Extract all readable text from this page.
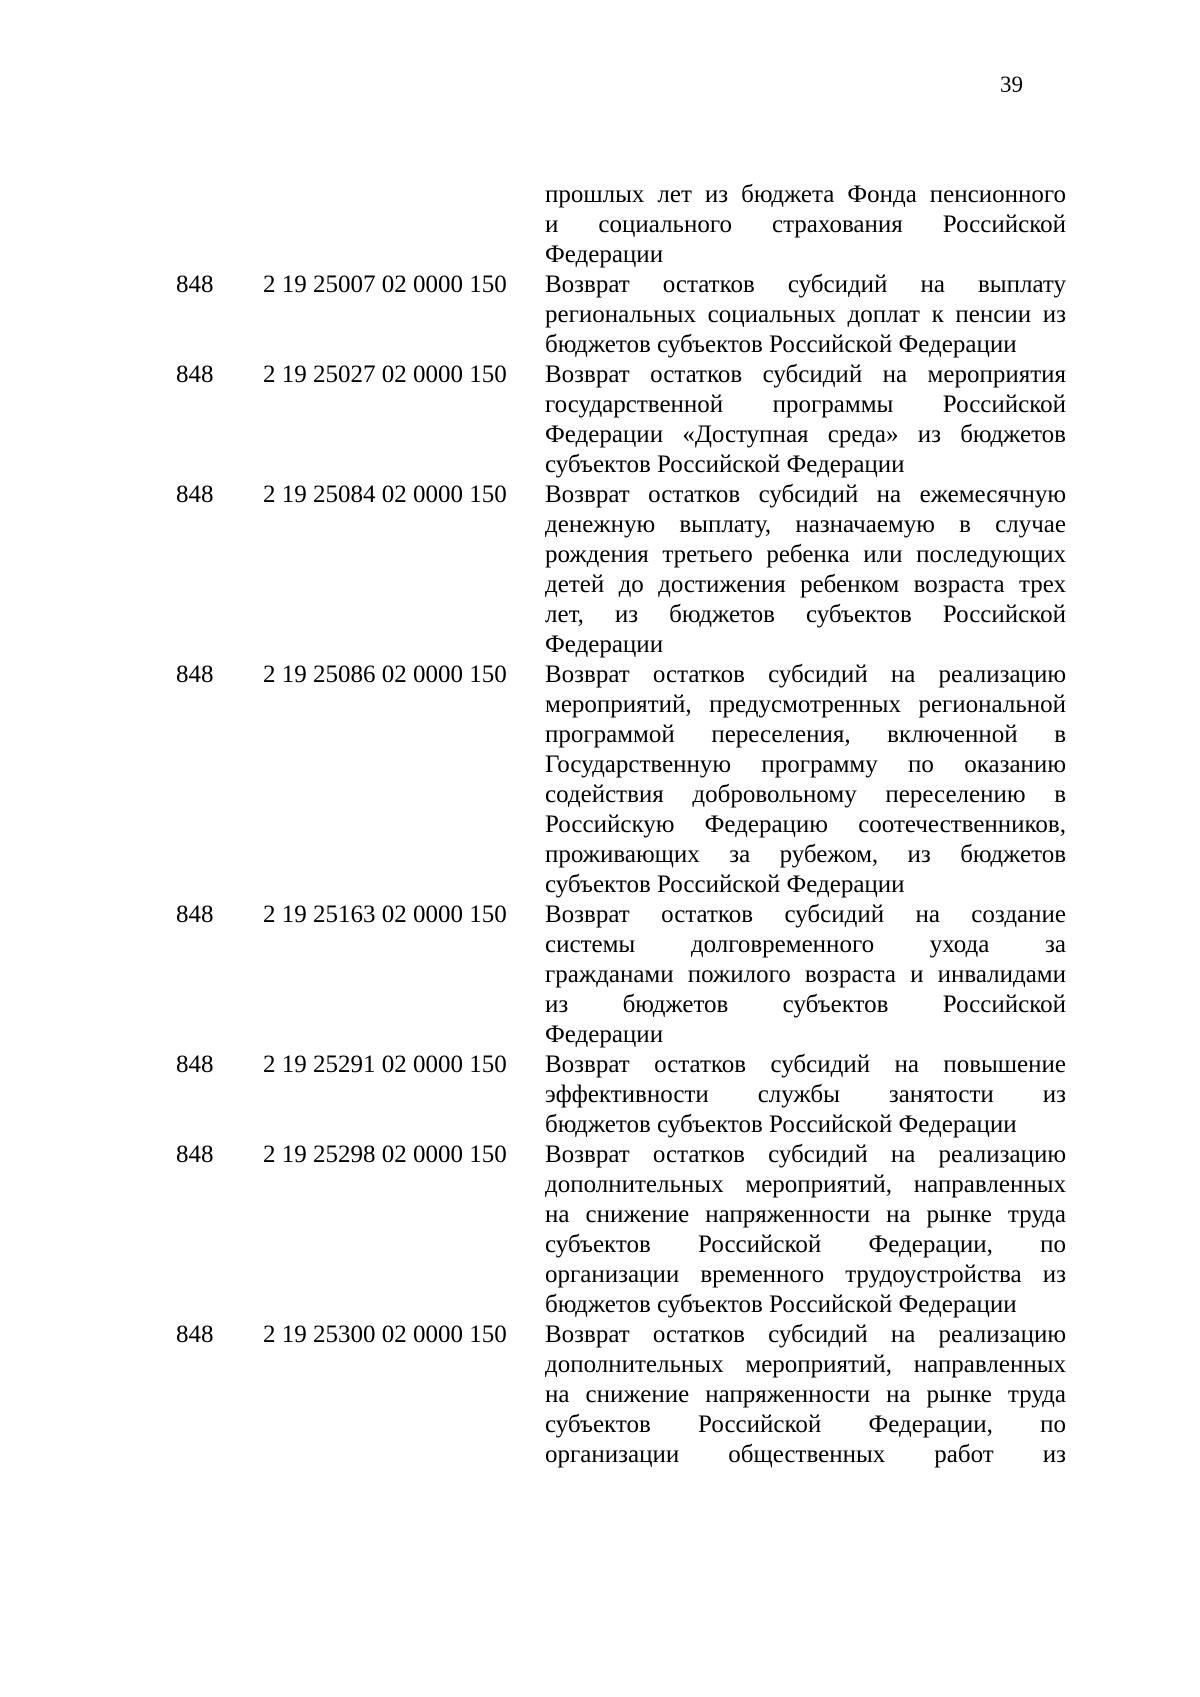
39
прошлых лет из бюджета Фонда пенсионного
и социального страхования Российской
Федерации
848	2 19 25007 02 0000 150	Возврат остатков субсидий на выплату
региональных социальных доплат к пенсии из
бюджетов субъектов Российской Федерации
848	2 19 25027 02 0000 150	Возврат остатков субсидий на мероприятия
государственной программы Российской
Федерации «Доступная среда» из бюджетов
субъектов Российской Федерации
848	2 19 25084 02 0000 150	Возврат остатков субсидий на ежемесячную
денежную выплату, назначаемую в случае
рождения третьего ребенка или последующих
детей до достижения ребенком возраста трех
лет, из бюджетов субъектов Российской
Федерации
848	2 19 25086 02 0000 150	Возврат остатков субсидий на реализацию
мероприятий, предусмотренных региональной
программой переселения, включенной в
Государственную программу по оказанию
содействия добровольному переселению в
Российскую Федерацию соотечественников,
проживающих за рубежом, из бюджетов
субъектов Российской Федерации
848	2 19 25163 02 0000 150	Возврат остатков субсидий на создание
системы долговременного ухода за
гражданами пожилого возраста и инвалидами
из бюджетов субъектов Российской
Федерации
848	2 19 25291 02 0000 150	Возврат остатков субсидий на повышение
эффективности службы занятости из
бюджетов субъектов Российской Федерации
848	2 19 25298 02 0000 150	Возврат остатков субсидий на реализацию
дополнительных мероприятий, направленных
на снижение напряженности на рынке труда
субъектов Российской Федерации, по
организации временного трудоустройства из
бюджетов субъектов Российской Федерации
848	2 19 25300 02 0000 150	Возврат остатков субсидий на реализацию
дополнительных мероприятий, направленных
на снижение напряженности на рынке труда
субъектов Российской Федерации, по
организации общественных работ из
